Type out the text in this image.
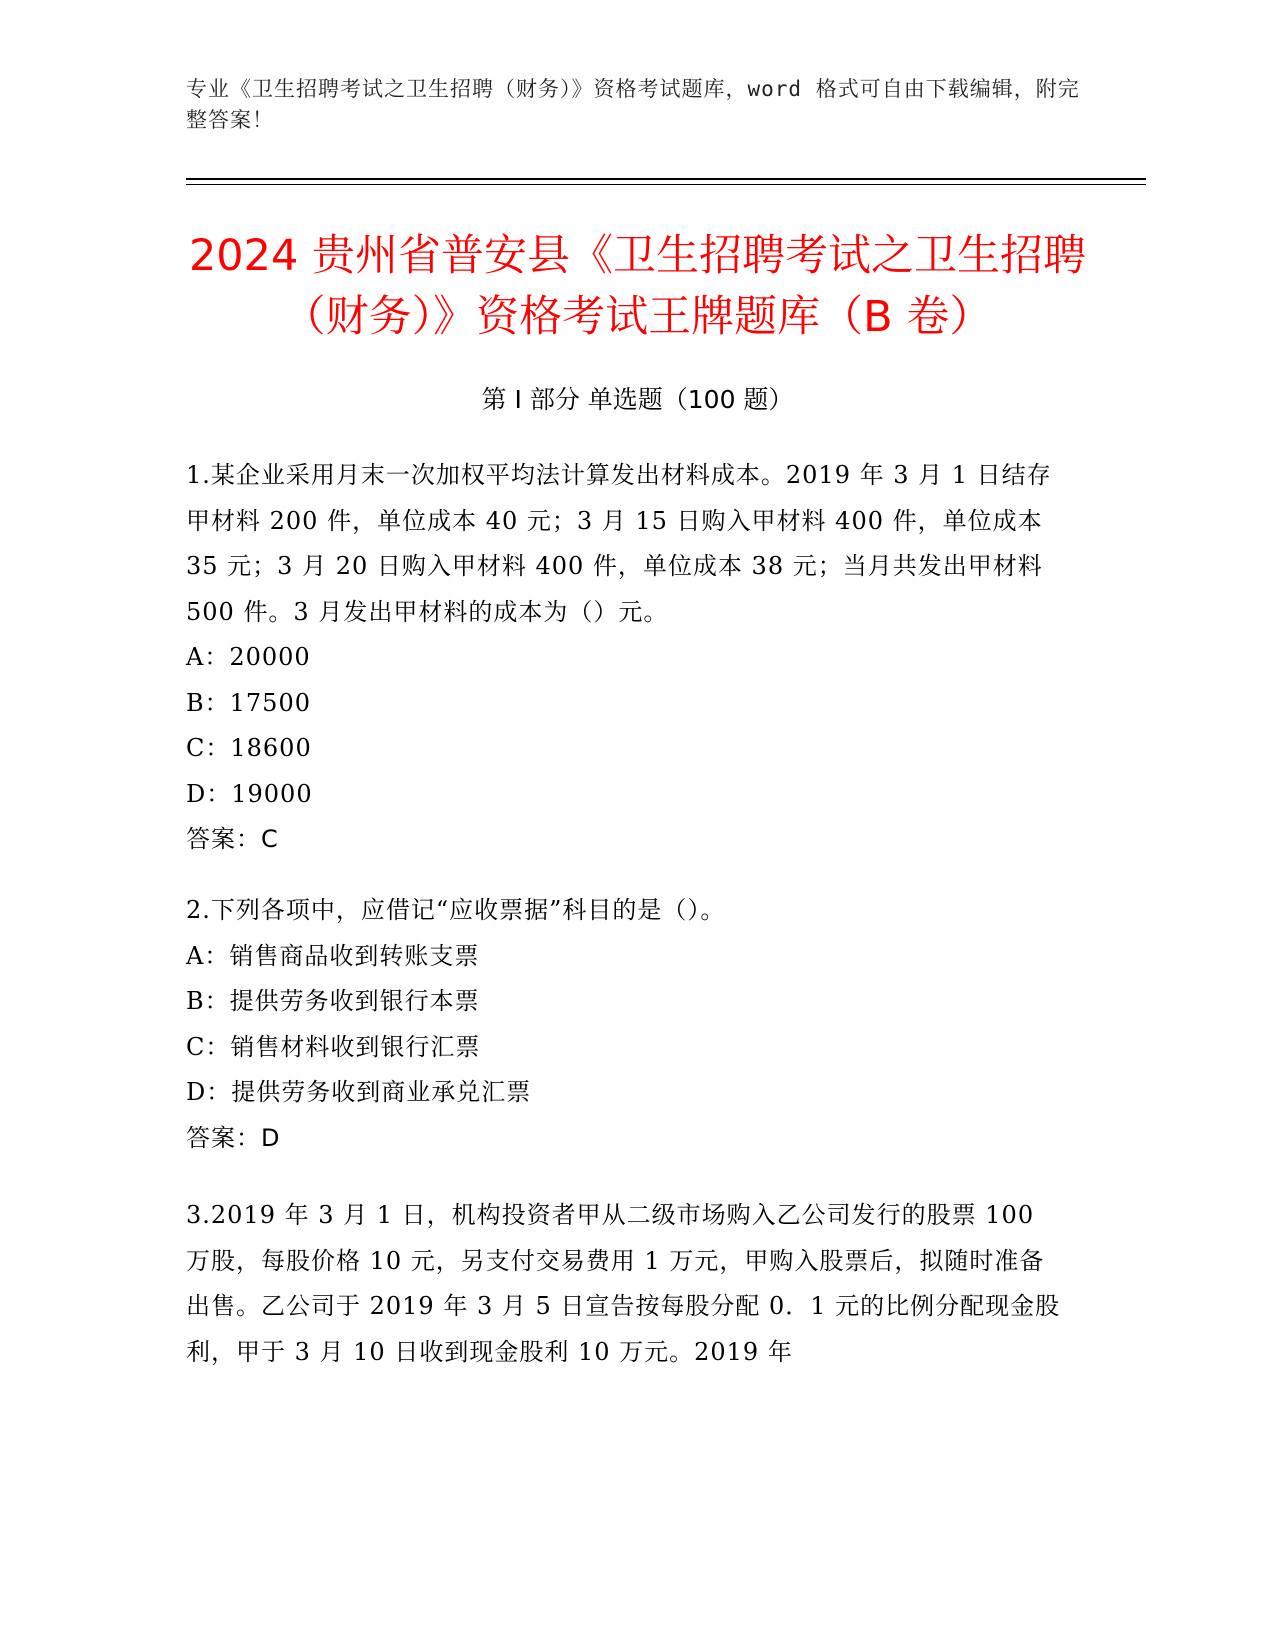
专业《卫生招聘考试之卫生招聘（财务）》资格考试题库，word 格式可自由下载编辑，附完整答案！
2024 贵州省普安县《卫生招聘考试之卫生招聘（财务）》资格考试王牌题库（B 卷）
第 I 部分 单选题（100 题）

1.某企业采用月末一次加权平均法计算发出材料成本。2019 年 3 月 1 日结存甲材料 200 件，单位成本 40 元；3 月 15 日购入甲材料 400 件，单位成本 35 元；3 月 20 日购入甲材料 400 件，单位成本 38 元；当月共发出甲材料 500 件。3 月发出甲材料的成本为（）元。

A：20000

B：17500

C：18600

D：19000

答案：C

2.下列各项中，应借记“应收票据”科目的是（）。

A：销售商品收到转账支票

B：提供劳务收到银行本票

C：销售材料收到银行汇票

D：提供劳务收到商业承兑汇票

答案：D

3.2019 年 3 月 1 日，机构投资者甲从二级市场购入乙公司发行的股票 100 万股，每股价格 10 元，另支付交易费用 1 万元，甲购入股票后，拟随时准备出售。乙公司于 2019 年 3 月 5 日宣告按每股分配 0．1 元的比例分配现金股利，甲于 3 月 10 日收到现金股利 10 万元。2019 年
